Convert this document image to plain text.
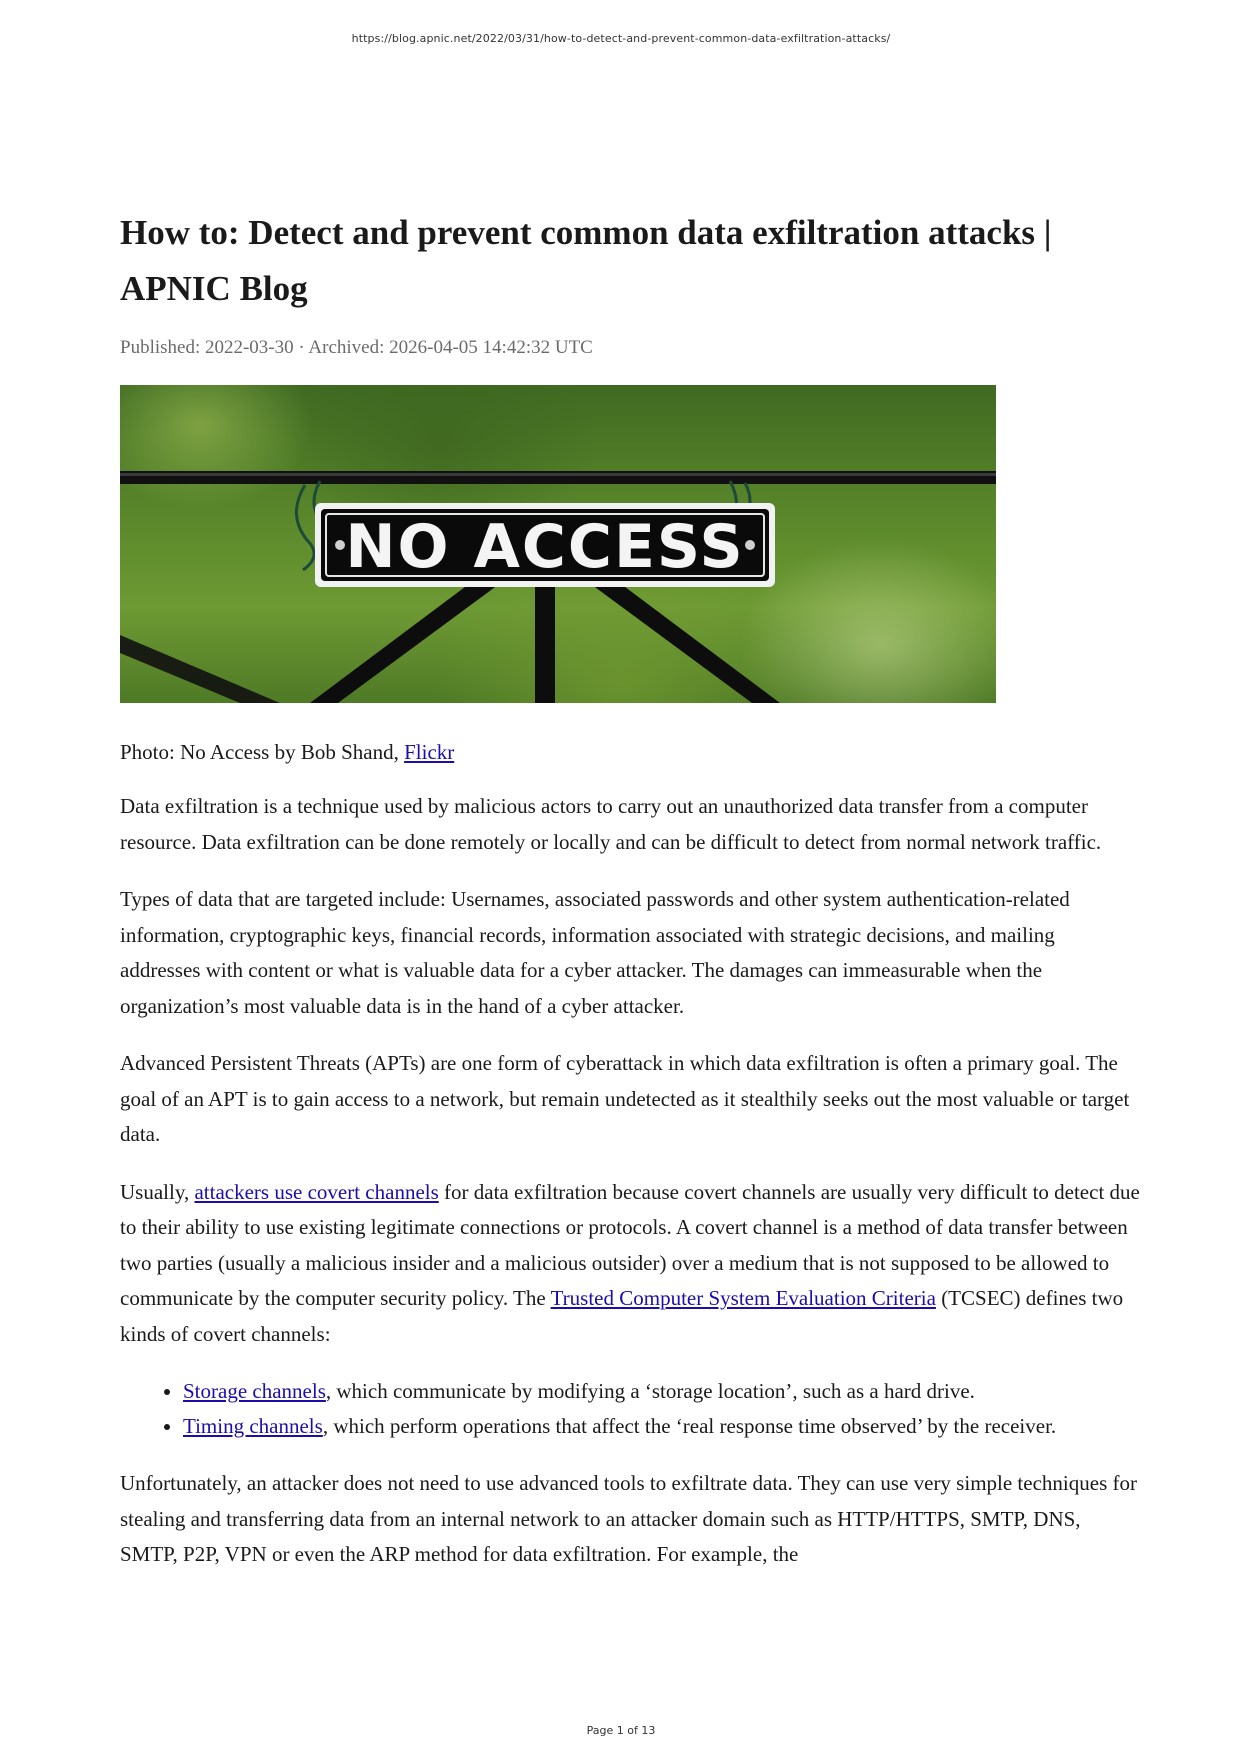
https://blog.apnic.net/2022/03/31/how-to-detect-and-prevent-common-data-exfiltration-attacks/
How to: Detect and prevent common data exfiltration attacks | APNIC Blog
Published: 2022-03-30 · Archived: 2026-04-05 14:42:32 UTC
NO ACCESS
Photo: No Access by Bob Shand, Flickr

Data exfiltration is a technique used by malicious actors to carry out an unauthorized data transfer from a computer resource. Data exfiltration can be done remotely or locally and can be difficult to detect from normal network traffic.

Types of data that are targeted include: Usernames, associated passwords and other system authentication-related information, cryptographic keys, financial records, information associated with strategic decisions, and mailing addresses with content or what is valuable data for a cyber attacker. The damages can immeasurable when the organization’s most valuable data is in the hand of a cyber attacker.

Advanced Persistent Threats (APTs) are one form of cyberattack in which data exfiltration is often a primary goal. The goal of an APT is to gain access to a network, but remain undetected as it stealthily seeks out the most valuable or target data.

Usually, attackers use covert channels for data exfiltration because covert channels are usually very difficult to detect due to their ability to use existing legitimate connections or protocols. A covert channel is a method of data transfer between two parties (usually a malicious insider and a malicious outsider) over a medium that is not supposed to be allowed to communicate by the computer security policy. The Trusted Computer System Evaluation Criteria (TCSEC) defines two kinds of covert channels:

• Storage channels, which communicate by modifying a ‘storage location’, such as a hard drive.
• Timing channels, which perform operations that affect the ‘real response time observed’ by the receiver.

Unfortunately, an attacker does not need to use advanced tools to exfiltrate data. They can use very simple techniques for stealing and transferring data from an internal network to an attacker domain such as HTTP/HTTPS, SMTP, DNS, SMTP, P2P, VPN or even the ARP method for data exfiltration. For example, the

Page 1 of 13
